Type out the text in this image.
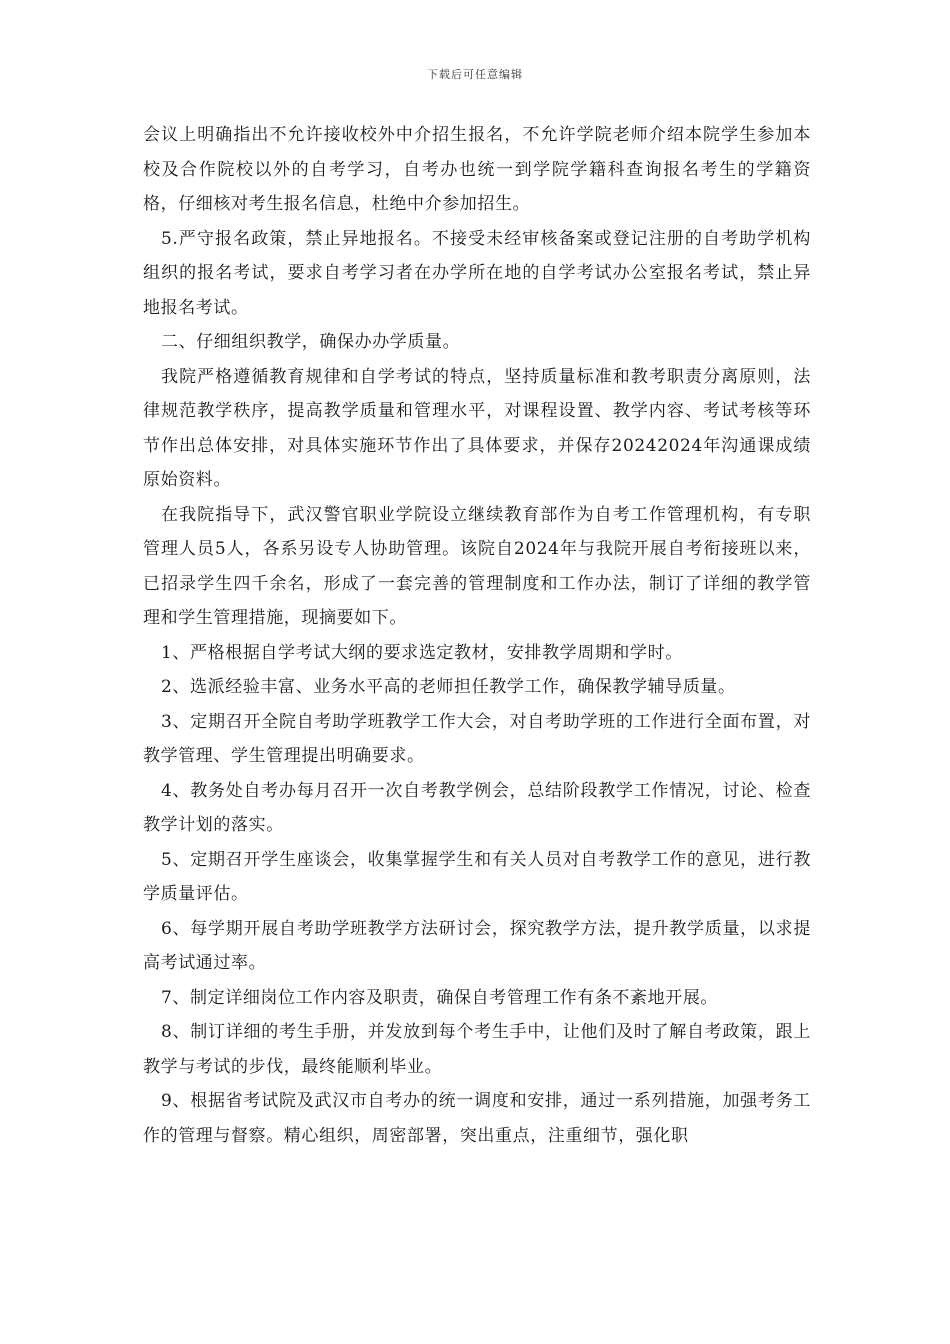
下载后可任意编辑

会议上明确指出不允许接收校外中介招生报名，不允许学院老师介绍本院学生参加本校及合作院校以外的自考学习，自考办也统一到学院学籍科查询报名考生的学籍资格，仔细核对考生报名信息，杜绝中介参加招生。

5.严守报名政策，禁止异地报名。不接受未经审核备案或登记注册的自考助学机构组织的报名考试，要求自考学习者在办学所在地的自学考试办公室报名考试，禁止异地报名考试。

二、仔细组织教学，确保办办学质量。

我院严格遵循教育规律和自学考试的特点，坚持质量标准和教考职责分离原则，法律规范教学秩序，提高教学质量和管理水平，对课程设置、教学内容、考试考核等环节作出总体安排，对具体实施环节作出了具体要求，并保存20242024年沟通课成绩原始资料。

在我院指导下，武汉警官职业学院设立继续教育部作为自考工作管理机构，有专职管理人员5人，各系另设专人协助管理。该院自2024年与我院开展自考衔接班以来，已招录学生四千余名，形成了一套完善的管理制度和工作办法，制订了详细的教学管理和学生管理措施，现摘要如下。

1、严格根据自学考试大纲的要求选定教材，安排教学周期和学时。

2、选派经验丰富、业务水平高的老师担任教学工作，确保教学辅导质量。

3、定期召开全院自考助学班教学工作大会，对自考助学班的工作进行全面布置，对教学管理、学生管理提出明确要求。

4、教务处自考办每月召开一次自考教学例会，总结阶段教学工作情况，讨论、检查教学计划的落实。

5、定期召开学生座谈会，收集掌握学生和有关人员对自考教学工作的意见，进行教学质量评估。

6、每学期开展自考助学班教学方法研讨会，探究教学方法，提升教学质量，以求提高考试通过率。

7、制定详细岗位工作内容及职责，确保自考管理工作有条不紊地开展。

8、制订详细的考生手册，并发放到每个考生手中，让他们及时了解自考政策，跟上教学与考试的步伐，最终能顺利毕业。

9、根据省考试院及武汉市自考办的统一调度和安排，通过一系列措施，加强考务工作的管理与督察。精心组织，周密部署，突出重点，注重细节，强化职
